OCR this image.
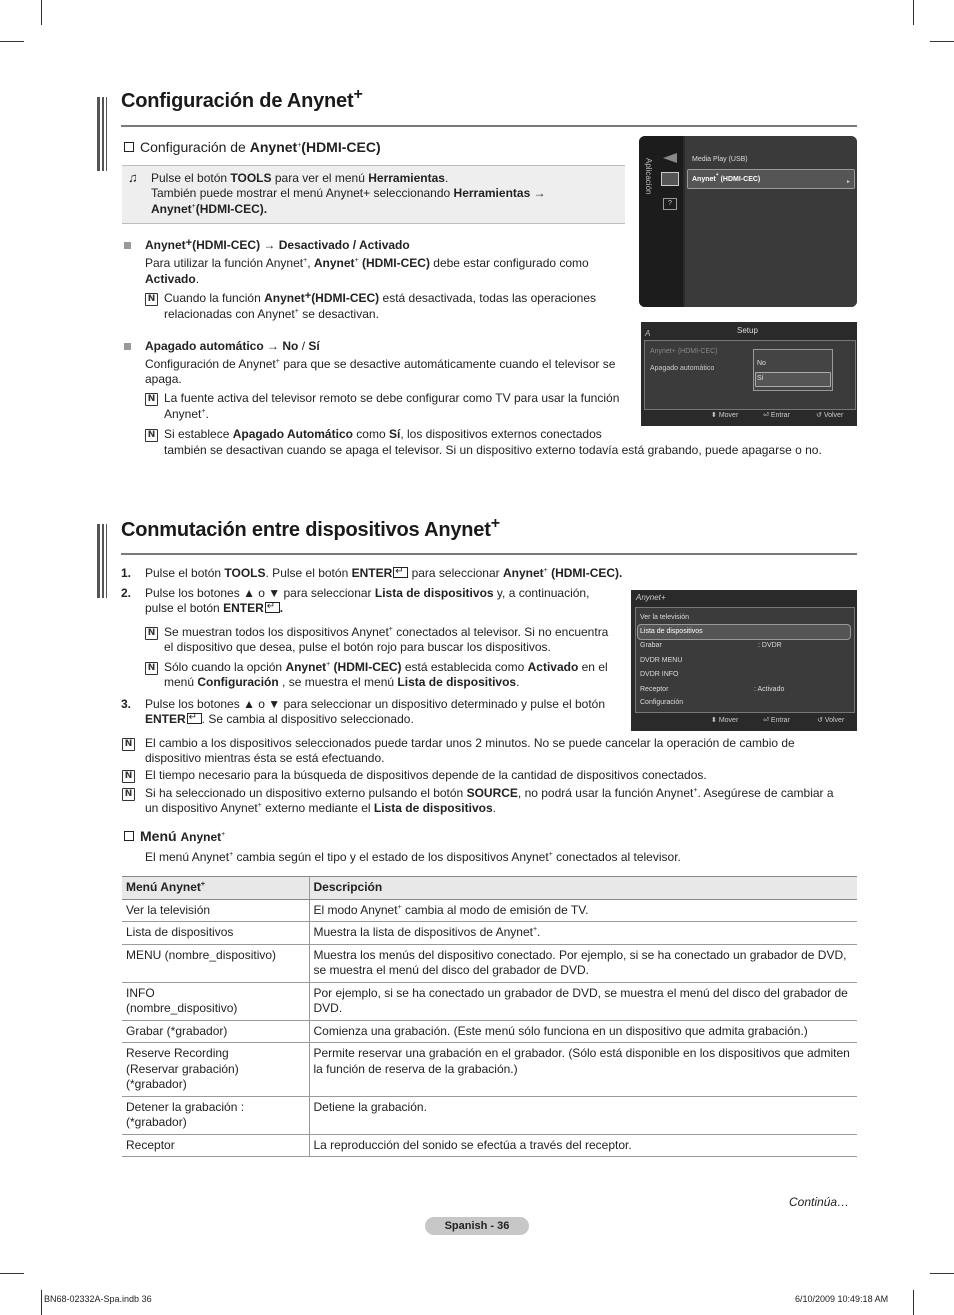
Configuración de Anynet+
Configuración de Anynet+(HDMI-CEC)
♫	Pulse el botón TOOLS para ver el menú Herramientas.
También puede mostrar el menú Anynet+ seleccionando Herramientas →
Anynet+(HDMI-CEC).
Anynet+(HDMI-CEC) → Desactivado / Activado
Para utilizar la función Anynet+, Anynet+ (HDMI-CEC) debe estar configurado como
Activado.
N Cuando la función Anynet+(HDMI-CEC) está desactivada, todas las operaciones
relacionadas con Anynet+ se desactivan.
Apagado automático → No / Sí
Configuración de Anynet+ para que se desactive automáticamente cuando el televisor se
apaga.
N La fuente activa del televisor remoto se debe configurar como TV para usar la función
Anynet+.
N Si establece Apagado Automático como Sí, los dispositivos externos conectados
también se desactivan cuando se apaga el televisor. Si un dispositivo externo todavía está grabando, puede apagarse o no.
Aplicación
?
Media Play (USB)
Anynet+ (HDMI-CEC)	►
A	Setup
Anynet+ (HDMI-CEC)
Apagado automático
No
Sí
⬍ Mover	⏎ Entrar	↺ Volver
Conmutación entre dispositivos Anynet+
1. Pulse el botón TOOLS. Pulse el botón ENTER↵ para seleccionar Anynet+ (HDMI-CEC).
2. Pulse los botones ▲ o ▼ para seleccionar Lista de dispositivos y, a continuación,
pulse el botón ENTER ↵ .
N Se muestran todos los dispositivos Anynet+ conectados al televisor. Si no encuentra
el dispositivo que desea, pulse el botón rojo para buscar los dispositivos.
N Sólo cuando la opción Anynet+ (HDMI-CEC) está establecida como Activado en el
menú Configuración , se muestra el menú Lista de dispositivos.
3. Pulse los botones ▲ o ▼ para seleccionar un dispositivo determinado y pulse el botón
ENTER ↵ . Se cambia al dispositivo seleccionado.
N El cambio a los dispositivos seleccionados puede tardar unos 2 minutos. No se puede cancelar la operación de cambio de
dispositivo mientras ésta se está efectuando.
N El tiempo necesario para la búsqueda de dispositivos depende de la cantidad de dispositivos conectados.
N Si ha seleccionado un dispositivo externo pulsando el botón SOURCE, no podrá usar la función Anynet+. Asegúrese de cambiar a
un dispositivo Anynet+ externo mediante el Lista de dispositivos.
Menú Anynet+
El menú Anynet+ cambia según el tipo y el estado de los dispositivos Anynet+ conectados al televisor.
Anynet+
Ver la televisión
Lista de dispositivos
Grabar	: DVDR
DVDR MENU
DVDR INFO
Receptor	: Activado
Configuración
⬍ Mover	⏎ Entrar	↺ Volver
Menú Anynet+	Descripción
Ver la televisión	El modo Anynet+ cambia al modo de emisión de TV.
Lista de dispositivos	Muestra la lista de dispositivos de Anynet+.
MENU (nombre_dispositivo)	Muestra los menús del dispositivo conectado. Por ejemplo, si se ha conectado un grabador de DVD, se muestra el menú del disco del grabador de DVD.
INFO
(nombre_dispositivo)	Por ejemplo, si se ha conectado un grabador de DVD, se muestra el menú del disco del grabador de DVD.
Grabar (*grabador)	Comienza una grabación. (Este menú sólo funciona en un dispositivo que admita grabación.)
Reserve Recording
(Reservar grabación)
(*grabador)	Permite reservar una grabación en el grabador. (Sólo está disponible en los dispositivos que admiten la función de reserva de la grabación.)
Detener la grabación :
(*grabador)	Detiene la grabación.
Receptor	La reproducción del sonido se efectúa a través del receptor.
Continúa…
Spanish - 36
BN68-02332A-Spa.indb 36	6/10/2009 10:49:18 AM
